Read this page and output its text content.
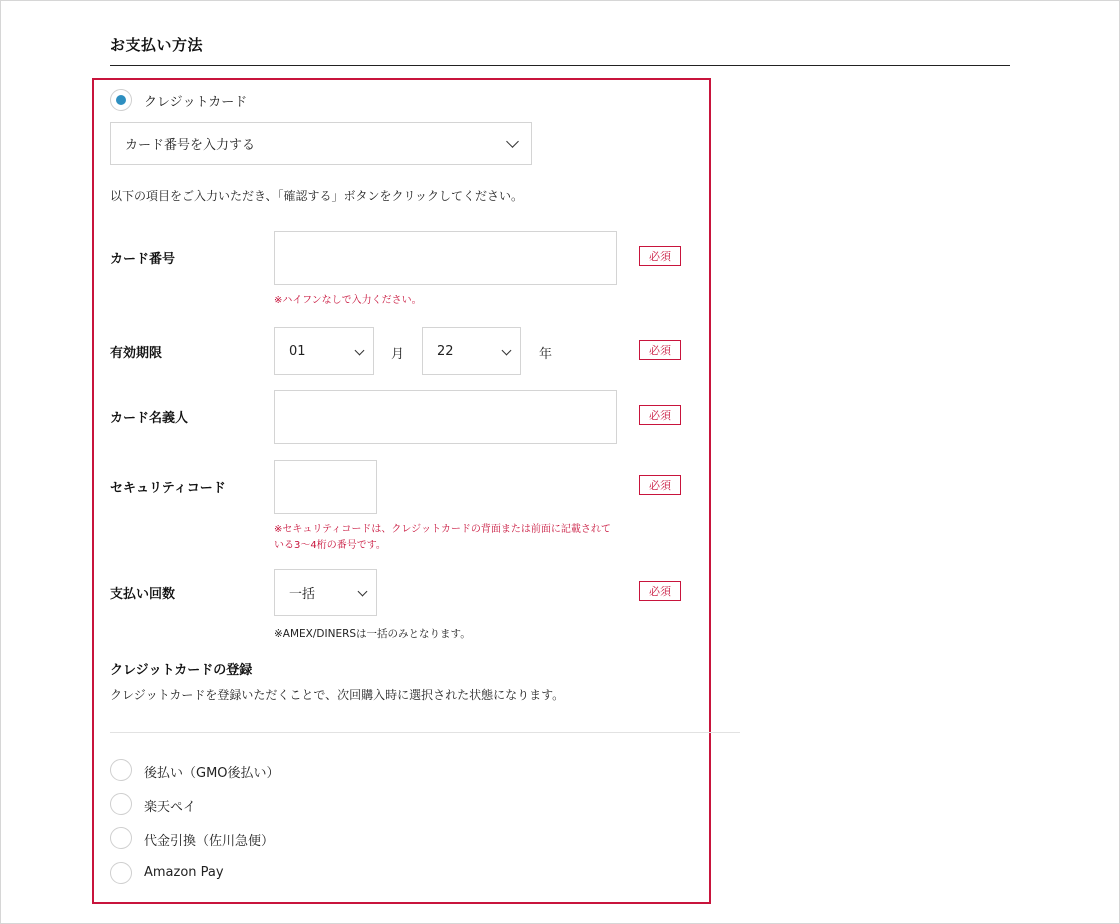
お支払い方法
クレジットカード
カード番号を入力する
以下の項目をご入力いただき、「確認する」ボタンをクリックしてください。
カード番号	必須
※ハイフンなしで入力ください。
有効期限	01	月	22	年	必須
カード名義人	必須
セキュリティコード	必須
※セキュリティコードは、クレジットカードの背面または前面に記載されて
いる3〜4桁の番号です。
支払い回数	一括	必須
※AMEX/DINERSは一括のみとなります。
クレジットカードの登録
クレジットカードを登録いただくことで、次回購入時に選択された状態になります。
後払い（GMO後払い）
楽天ペイ
代金引換（佐川急便）
Amazon Pay
